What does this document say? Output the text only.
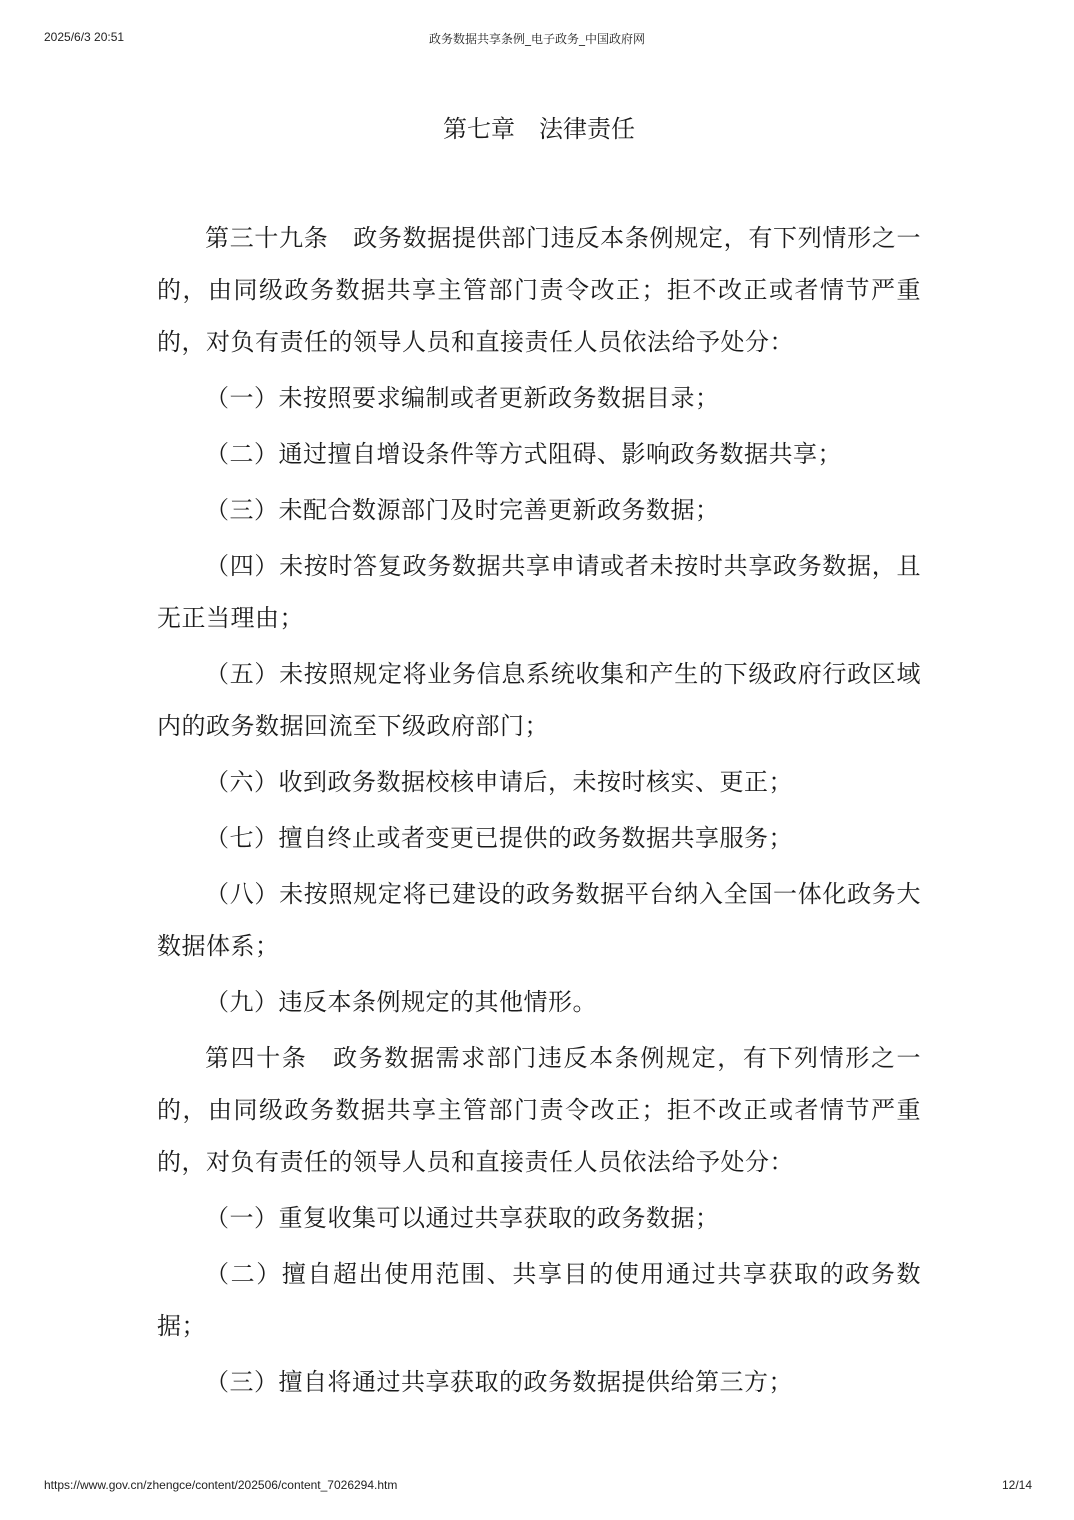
2025/6/3 20:51	政务数据共享条例_电子政务_中国政府网
第七章　法律责任

第三十九条　政务数据提供部门违反本条例规定，有下列情形之一的，由同级政务数据共享主管部门责令改正；拒不改正或者情节严重的，对负有责任的领导人员和直接责任人员依法给予处分：

（一）未按照要求编制或者更新政务数据目录；

（二）通过擅自增设条件等方式阻碍、影响政务数据共享；

（三）未配合数源部门及时完善更新政务数据；

（四）未按时答复政务数据共享申请或者未按时共享政务数据，且无正当理由；

（五）未按照规定将业务信息系统收集和产生的下级政府行政区域内的政务数据回流至下级政府部门；

（六）收到政务数据校核申请后，未按时核实、更正；

（七）擅自终止或者变更已提供的政务数据共享服务；

（八）未按照规定将已建设的政务数据平台纳入全国一体化政务大数据体系；

（九）违反本条例规定的其他情形。

第四十条　政务数据需求部门违反本条例规定，有下列情形之一的，由同级政务数据共享主管部门责令改正；拒不改正或者情节严重的，对负有责任的领导人员和直接责任人员依法给予处分：

（一）重复收集可以通过共享获取的政务数据；

（二）擅自超出使用范围、共享目的使用通过共享获取的政务数据；

（三）擅自将通过共享获取的政务数据提供给第三方；

https://www.gov.cn/zhengce/content/202506/content_7026294.htm	12/14
